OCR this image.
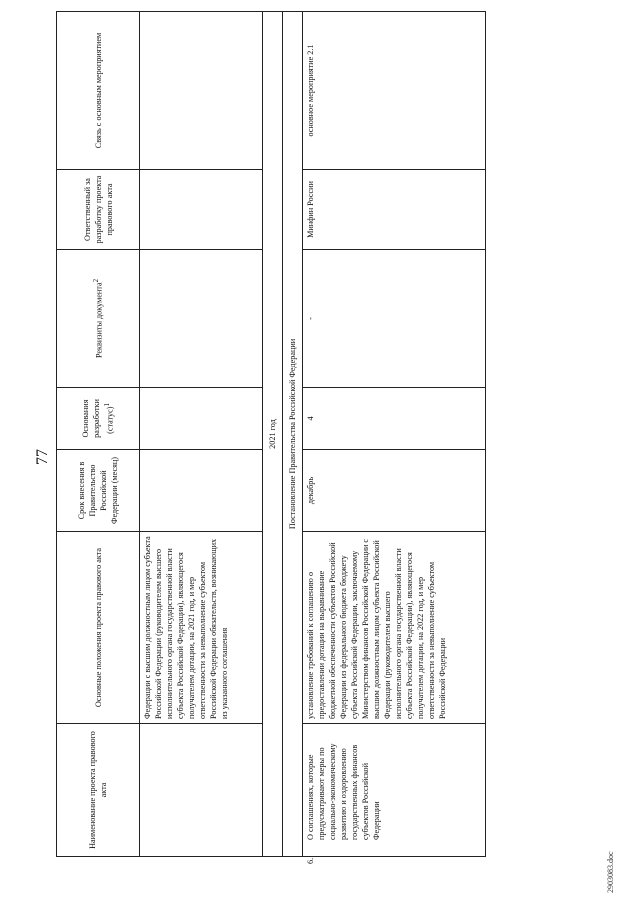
77
Наименование проекта правового акта	Основные положения проекта правового акта	Срок внесения в Правительство Российской Федерации (месяц)	Основания разработки (статус)$^1$	Реквизиты документа$^2$	Ответственный за разработку проекта правового акта	Связь с основным мероприятием
	Федерации с высшим должностным лицом субъекта Российской Федерации (руководителем высшего исполнительного органа государственной власти субъекта Российской Федерации), являющегося получателем дотации, на 2021 год, и мер ответственности за невыполнение субъектом Российской Федерации обязательств, возникающих из указанного соглашения					
2021 год						
Постановление Правительства Российской Федерации						
6.О соглашениях, которые предусматривают меры по социально-экономическому развитию и оздоровлению государственных финансов субъектов Российской Федерации	установление требований к соглашению о предоставлении дотации на выравнивание бюджетной обеспеченности субъектов Российской Федерации из федерального бюджета бюджету субъекта Российской Федерации, заключаемому Министерством финансов Российской Федерации с высшим должностным лицом субъекта Российской Федерации (руководителем высшего исполнительного органа государственной власти субъекта Российской Федерации), являющегося получателем дотации, на 2022 год, и мер ответственности за невыполнение субъектом Российской Федерации	декабрь	4	-	Минфин России	основное мероприятие 2.1
2903083.doc
